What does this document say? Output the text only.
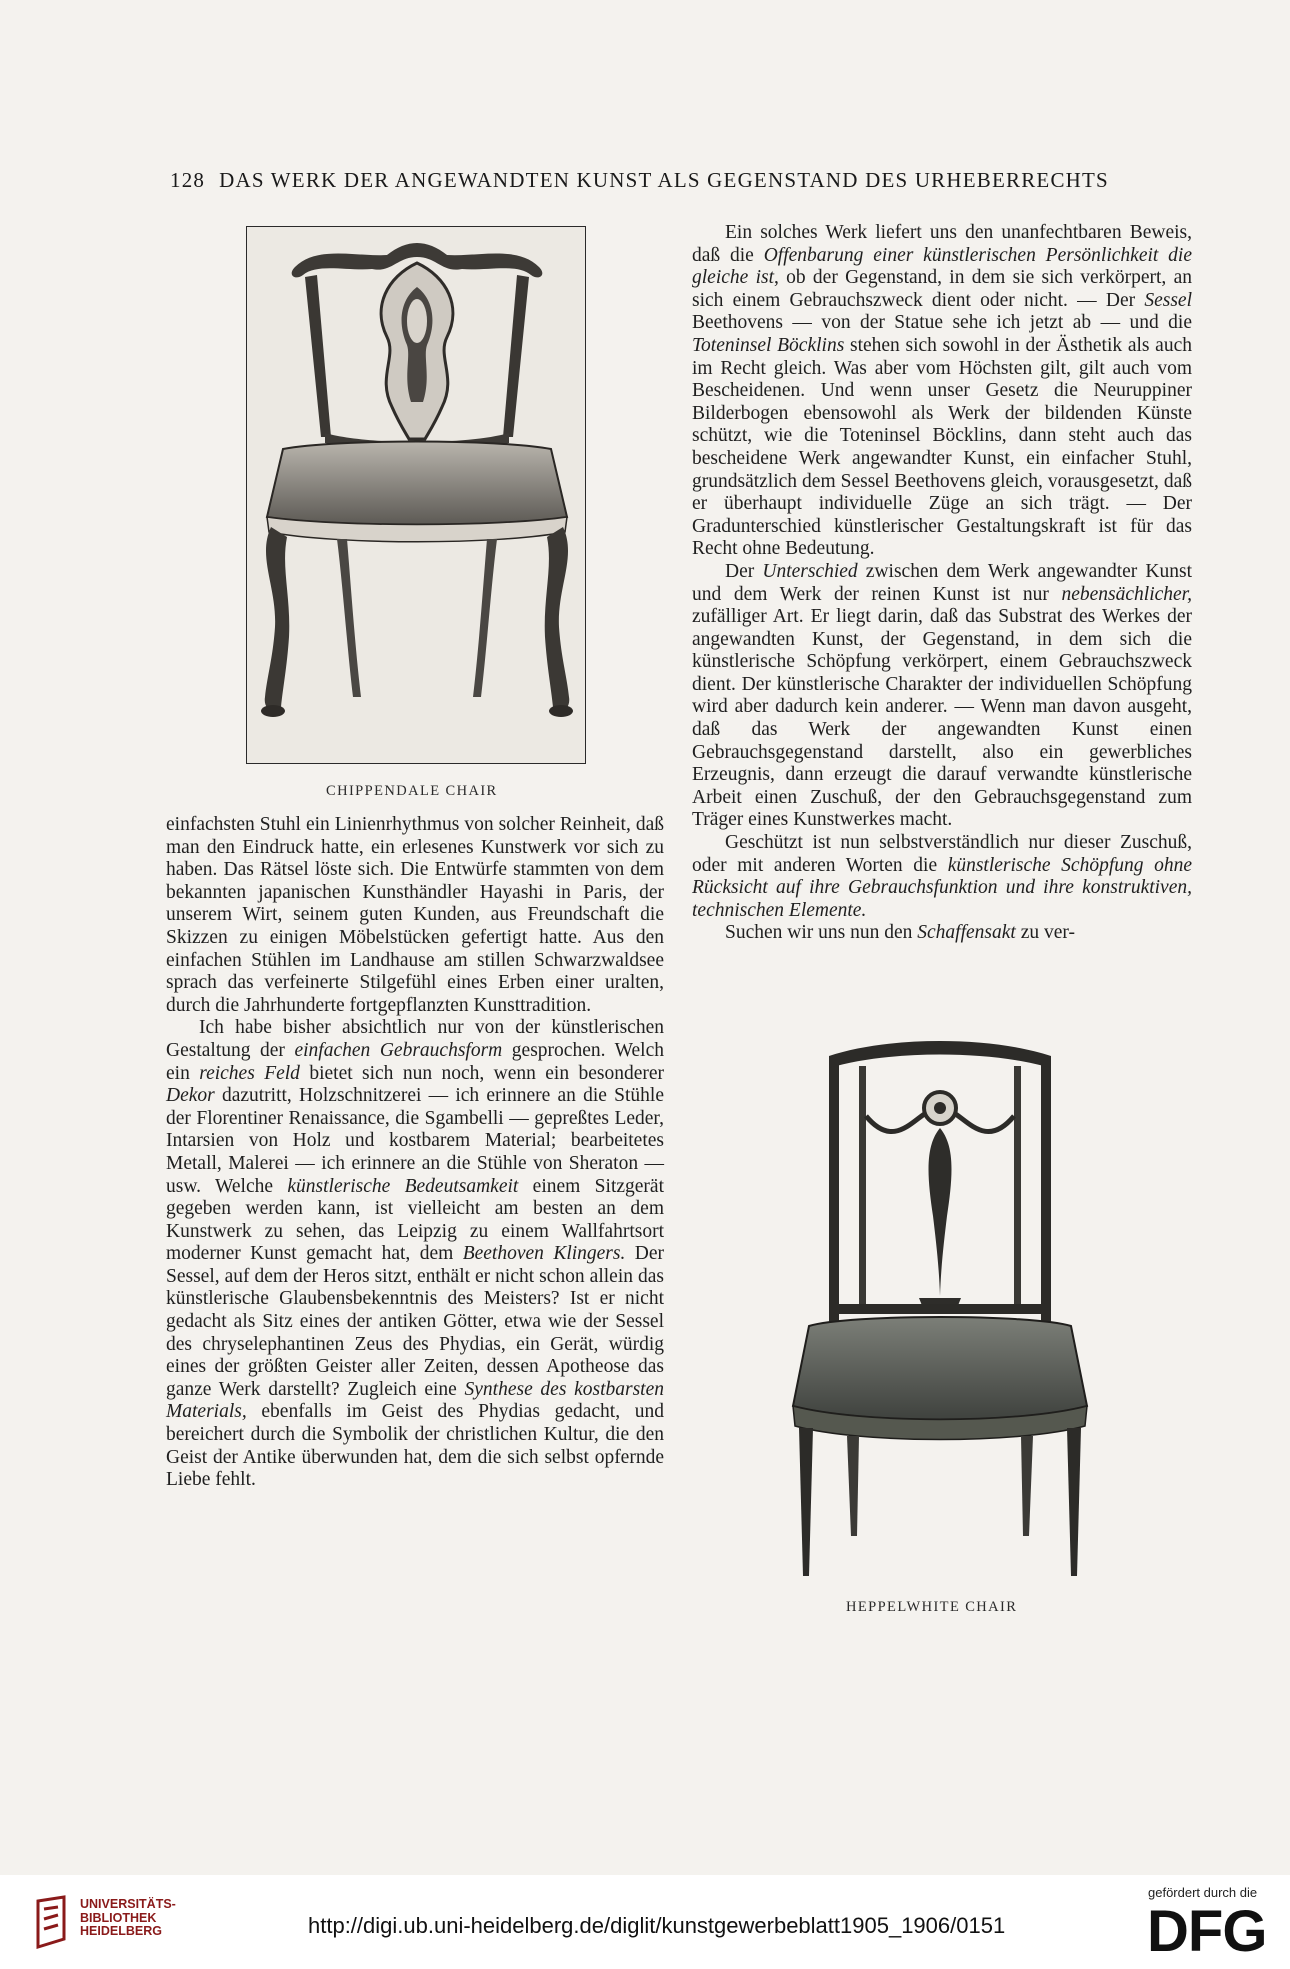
128 DAS WERK DER ANGEWANDTEN KUNST ALS GEGENSTAND DES URHEBERRECHTS
CHIPPENDALE CHAIR

Ein solches Werk liefert uns den unanfechtbaren Beweis, daß die Offenbarung einer künstlerischen Persönlichkeit die gleiche ist, ob der Gegenstand, in dem sie sich verkörpert, an sich einem Gebrauchszweck dient oder nicht. — Der Sessel Beethovens — von der Statue sehe ich jetzt ab — und die Toteninsel Böcklins stehen sich sowohl in der Ästhetik als auch im Recht gleich. Was aber vom Höchsten gilt, gilt auch vom Bescheidenen. Und wenn unser Gesetz die Neuruppiner Bilderbogen ebensowohl als Werk der bildenden Künste schützt, wie die Toteninsel Böcklins, dann steht auch das bescheidene Werk angewandter Kunst, ein einfacher Stuhl, grundsätzlich dem Sessel Beethovens gleich, vorausgesetzt, daß er überhaupt individuelle Züge an sich trägt. — Der Gradunterschied künstlerischer Gestaltungskraft ist für das Recht ohne Bedeutung.

Der Unterschied zwischen dem Werk angewandter Kunst und dem Werk der reinen Kunst ist nur nebensächlicher, zufälliger Art. Er liegt darin, daß das Substrat des Werkes der angewandten Kunst, der Gegenstand, in dem sich die künstlerische Schöpfung verkörpert, einem Gebrauchszweck dient. Der künstlerische Charakter der individuellen Schöpfung wird aber dadurch kein anderer. — Wenn man davon ausgeht, daß das Werk der angewandten Kunst einen Gebrauchsgegenstand darstellt, also ein gewerbliches Erzeugnis, dann erzeugt die darauf verwandte künstlerische Arbeit einen Zuschuß, der den Gebrauchsgegenstand zum Träger eines Kunstwerkes macht.

Geschützt ist nun selbstverständlich nur dieser Zuschuß, oder mit anderen Worten die künstlerische Schöpfung ohne Rücksicht auf ihre Gebrauchsfunktion und ihre konstruktiven, technischen Elemente.

Suchen wir uns nun den Schaffensakt zu ver-

einfachsten Stuhl ein Linienrhythmus von solcher Reinheit, daß man den Eindruck hatte, ein erlesenes Kunstwerk vor sich zu haben. Das Rätsel löste sich. Die Entwürfe stammten von dem bekannten japanischen Kunsthändler Hayashi in Paris, der unserem Wirt, seinem guten Kunden, aus Freundschaft die Skizzen zu einigen Möbelstücken gefertigt hatte. Aus den einfachen Stühlen im Landhause am stillen Schwarzwaldsee sprach das verfeinerte Stilgefühl eines Erben einer uralten, durch die Jahrhunderte fortgepflanzten Kunsttradition.

Ich habe bisher absichtlich nur von der künstlerischen Gestaltung der einfachen Gebrauchsform gesprochen. Welch ein reiches Feld bietet sich nun noch, wenn ein besonderer Dekor dazutritt, Holzschnitzerei — ich erinnere an die Stühle der Florentiner Renaissance, die Sgambelli — gepreßtes Leder, Intarsien von Holz und kostbarem Material; bearbeitetes Metall, Malerei — ich erinnere an die Stühle von Sheraton — usw. Welche künstlerische Bedeutsamkeit einem Sitzgerät gegeben werden kann, ist vielleicht am besten an dem Kunstwerk zu sehen, das Leipzig zu einem Wallfahrtsort moderner Kunst gemacht hat, dem Beethoven Klingers. Der Sessel, auf dem der Heros sitzt, enthält er nicht schon allein das künstlerische Glaubensbekenntnis des Meisters? Ist er nicht gedacht als Sitz eines der antiken Götter, etwa wie der Sessel des chryselephantinen Zeus des Phydias, ein Gerät, würdig eines der größten Geister aller Zeiten, dessen Apotheose das ganze Werk darstellt? Zugleich eine Synthese des kostbarsten Materials, ebenfalls im Geist des Phydias gedacht, und bereichert durch die Symbolik der christlichen Kultur, die den Geist der Antike überwunden hat, dem die sich selbst opfernde Liebe fehlt.

HEPPELWHITE CHAIR
UNIVERSITÄTS-
BIBLIOTHEK
HEIDELBERG	http://digi.ub.uni-heidelberg.de/diglit/kunstgewerbeblatt1905_1906/0151
gefördert durch die
DFG
